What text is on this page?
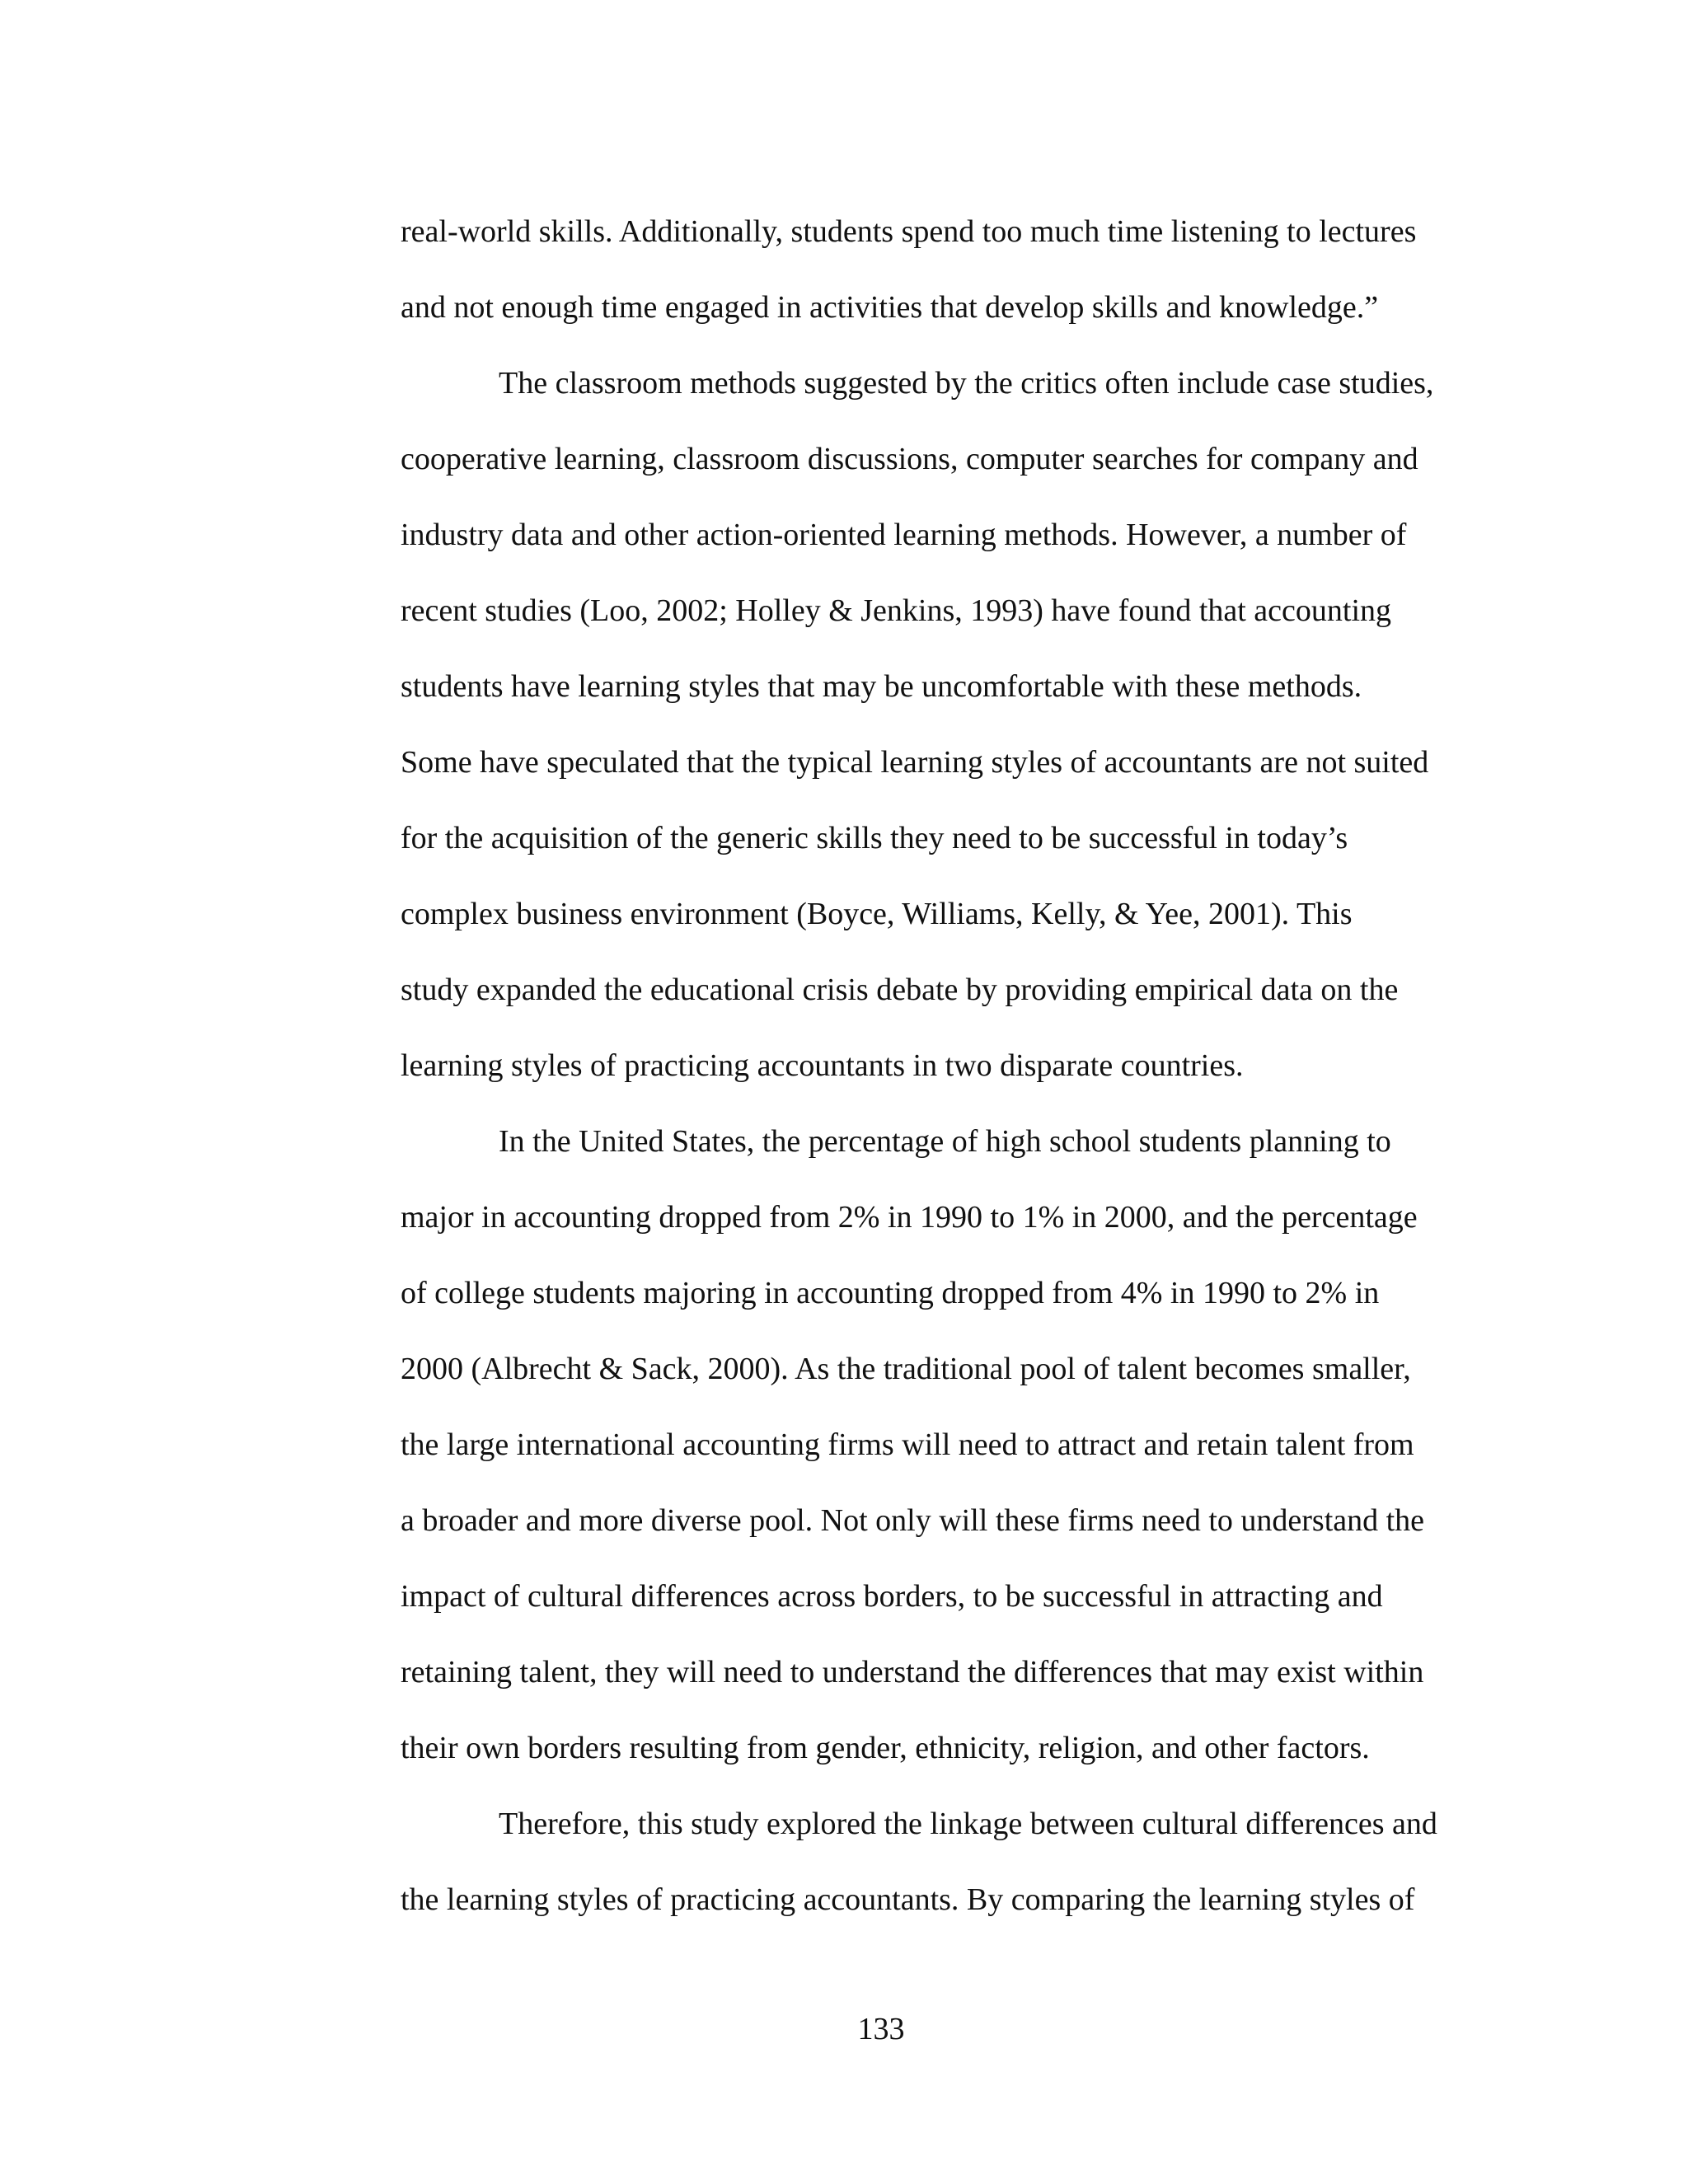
real-world skills. Additionally, students spend too much time listening to lectures
and not enough time engaged in activities that develop skills and knowledge.”
The classroom methods suggested by the critics often include case studies,
cooperative learning, classroom discussions, computer searches for company and
industry data and other action-oriented learning methods. However, a number of
recent studies (Loo, 2002; Holley & Jenkins, 1993) have found that accounting
students have learning styles that may be uncomfortable with these methods.
Some have speculated that the typical learning styles of accountants are not suited
for the acquisition of the generic skills they need to be successful in today’s
complex business environment (Boyce, Williams, Kelly, & Yee, 2001). This
study expanded the educational crisis debate by providing empirical data on the
learning styles of practicing accountants in two disparate countries.
In the United States, the percentage of high school students planning to
major in accounting dropped from 2% in 1990 to 1% in 2000, and the percentage
of college students majoring in accounting dropped from 4% in 1990 to 2% in
2000 (Albrecht & Sack, 2000). As the traditional pool of talent becomes smaller,
the large international accounting firms will need to attract and retain talent from
a broader and more diverse pool. Not only will these firms need to understand the
impact of cultural differences across borders, to be successful in attracting and
retaining talent, they will need to understand the differences that may exist within
their own borders resulting from gender, ethnicity, religion, and other factors.
Therefore, this study explored the linkage between cultural differences and
the learning styles of practicing accountants. By comparing the learning styles of
133
